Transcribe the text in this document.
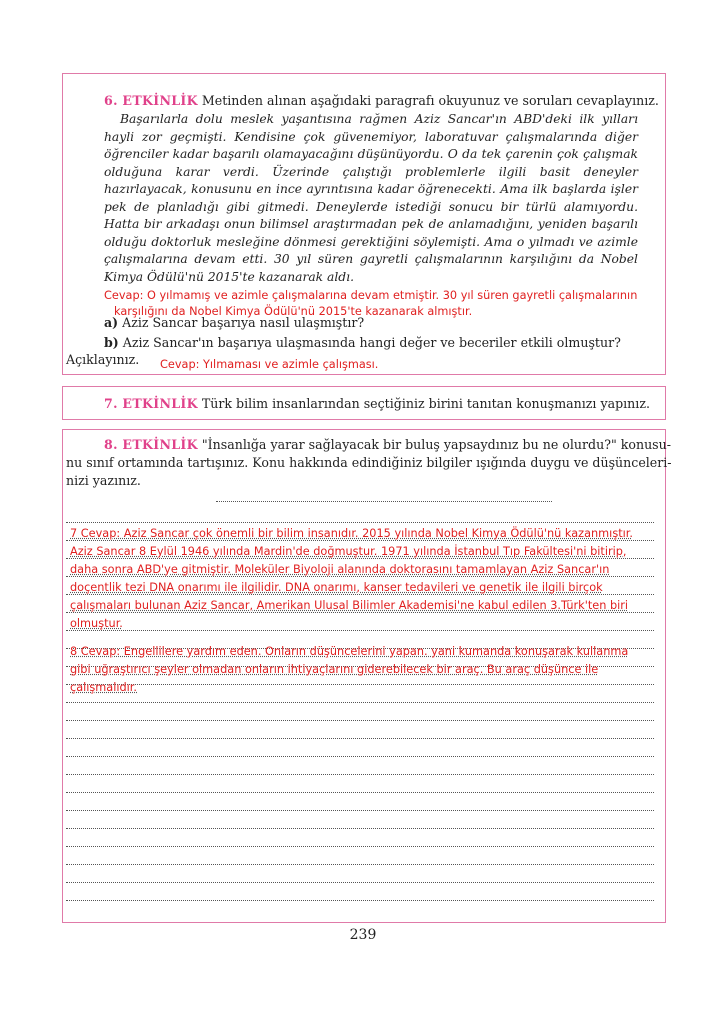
6. ETKİNLİK Metinden alınan aşağıdaki paragrafı okuyunuz ve soruları cevaplayınız.

Başarılarla dolu meslek yaşantısına rağmen Aziz Sancar'ın ABD'deki ilk yılları hayli zor geçmişti. Kendisine çok güvenemiyor, laboratuvar çalışmalarında diğer öğrenciler kadar başarılı olamayacağını düşünüyordu. O da tek çarenin çok çalışmak olduğuna karar verdi. Üzerinde çalıştığı problemlerle ilgili basit deneyler hazırlayacak, konusunu en ince ayrıntısına kadar öğrenecekti. Ama ilk başlarda işler pek de planladığı gibi gitmedi. Deneylerde istediği sonucu bir türlü alamıyordu. Hatta bir arkadaşı onun bilimsel araştırmadan pek de anlamadığını, yeniden başarılı olduğu doktorluk mesleğine dönmesi gerektiğini söylemişti. Ama o yılmadı ve azimle çalışmalarına devam etti. 30 yıl süren gayretli çalışmalarının karşılığını da Nobel Kimya Ödülü'nü 2015'te kazanarak aldı.

Cevap: O yılmamış ve azimle çalışmalarına devam etmiştir. 30 yıl süren gayretli çalışmalarının
karşılığını da Nobel Kimya Ödülü'nü 2015'te kazanarak almıştır.
a) Aziz Sancar başarıya nasıl ulaşmıştır?
b) Aziz Sancar'ın başarıya ulaşmasında hangi değer ve beceriler etkili olmuştur?
Açıklayınız. Cevap: Yılmaması ve azimle çalışması.
7. ETKİNLİK Türk bilim insanlarından seçtiğiniz birini tanıtan konuşmanızı yapınız.
8. ETKİNLİK "İnsanlığa yarar sağlayacak bir buluş yapsaydınız bu ne olurdu?" konusu-
nu sınıf ortamında tartışınız. Konu hakkında edindiğiniz bilgiler ışığında duygu ve düşünceleri-
nizi yazınız.
7 Cevap: Aziz Sancar çok önemli bir bilim insanıdır. 2015 yılında Nobel Kimya Ödülü'nü kazanmıştır.
Aziz Sancar 8 Eylül 1946 yılında Mardin'de doğmuştur. 1971 yılında İstanbul Tıp Fakültesi'ni bitirip,
daha sonra ABD'ye gitmiştir. Moleküler Biyoloji alanında doktorasını tamamlayan Aziz Sancar'ın
doçentlik tezi DNA onarımı ile ilgilidir. DNA onarımı, kanser tedavileri ve genetik ile ilgili birçok
çalışmaları bulunan Aziz Sancar, Amerikan Ulusal Bilimler Akademisi'ne kabul edilen 3.Türk'ten biri
olmuştur.
8 Cevap: Engellilere yardım eden. Onların düşüncelerini yapan. yani kumanda konuşarak kullanma
gibi uğraştırıcı şeyler olmadan onların ihtiyaçlarını giderebilecek bir araç. Bu araç düşünce ile
çalışmalıdır.
239
